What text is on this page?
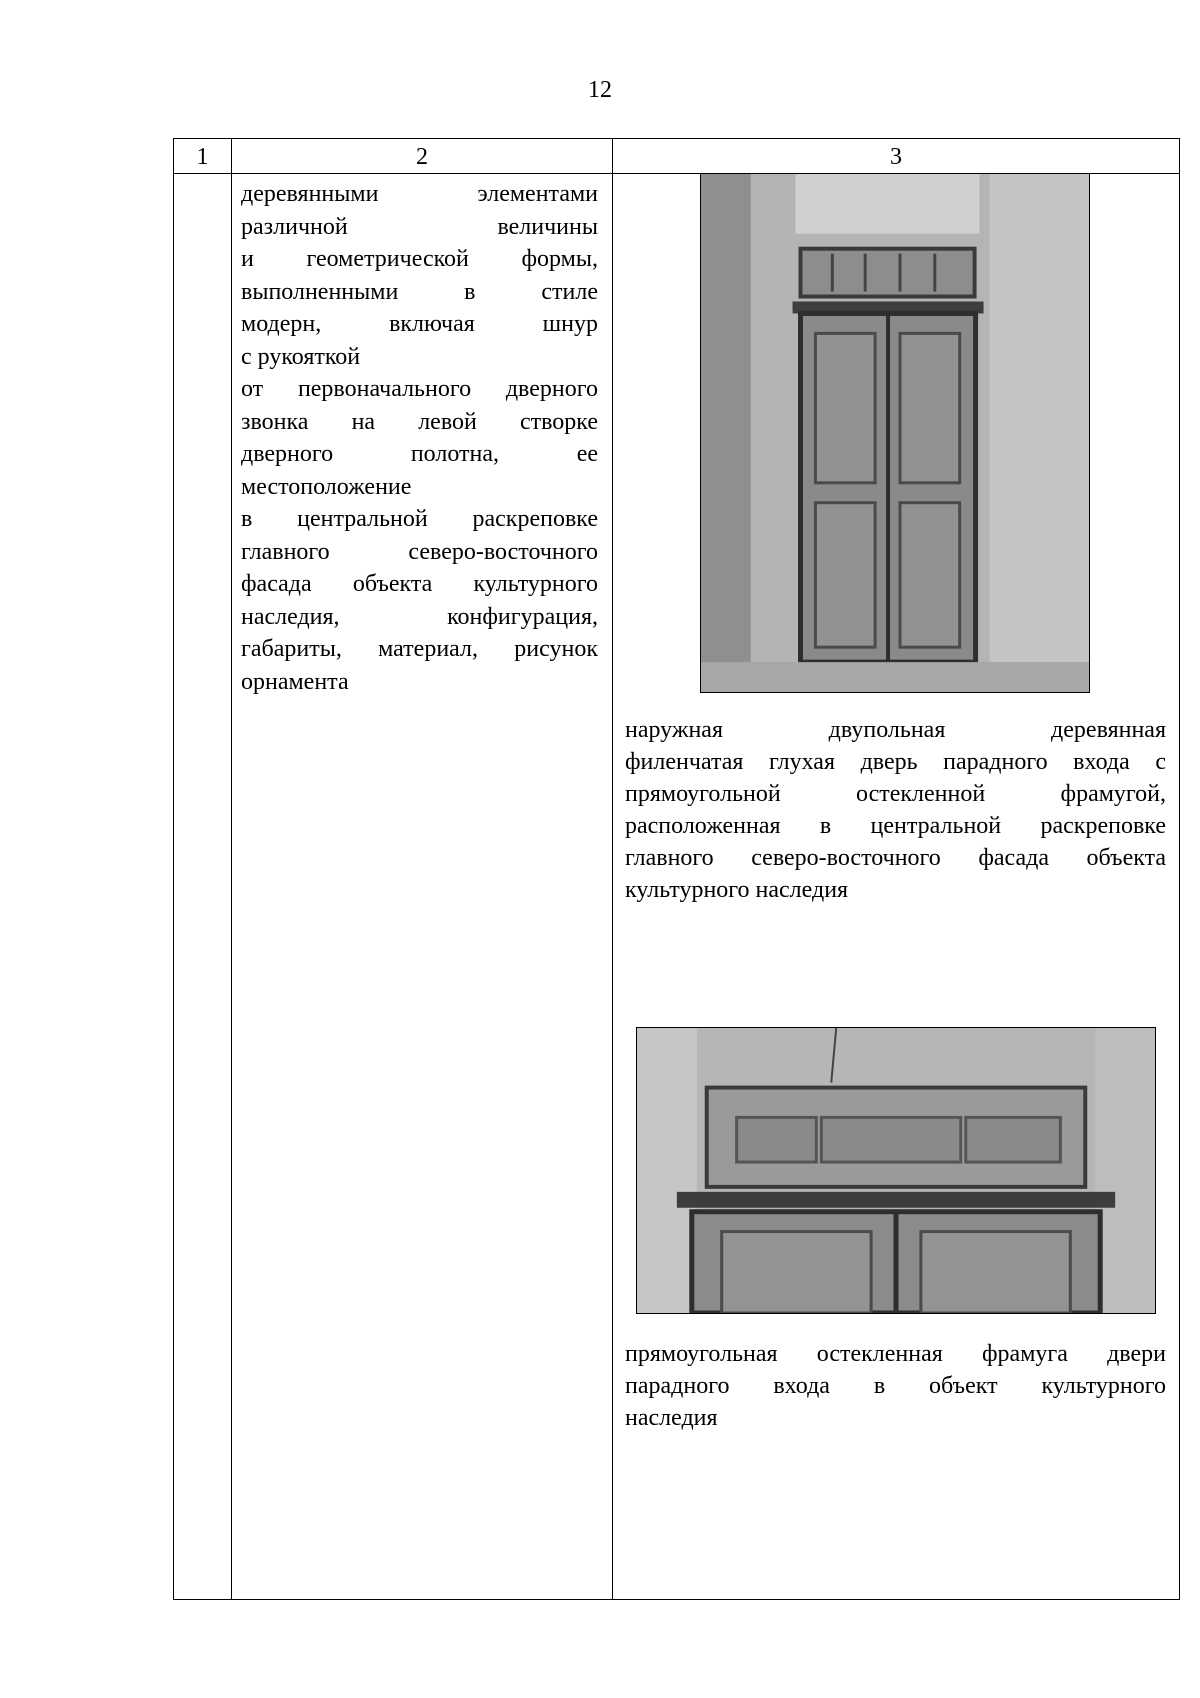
12
1	2	3
деревянными элементами
различной величины
и геометрической формы,
выполненными в стиле
модерн, включая шнур
с рукояткой
от первоначального дверного
звонка на левой створке
дверного полотна, ее
местоположение
в центральной раскреповке
главного северо-восточного
фасада объекта культурного
наследия, конфигурация,
габариты, материал, рисунок
орнамента
наружная двупольная деревянная
филенчатая глухая дверь парадного входа с
прямоугольной остекленной фрамугой,
расположенная в центральной раскреповке
главного северо-восточного фасада объекта
культурного наследия
прямоугольная остекленная фрамуга двери
парадного входа в объект культурного
наследия
